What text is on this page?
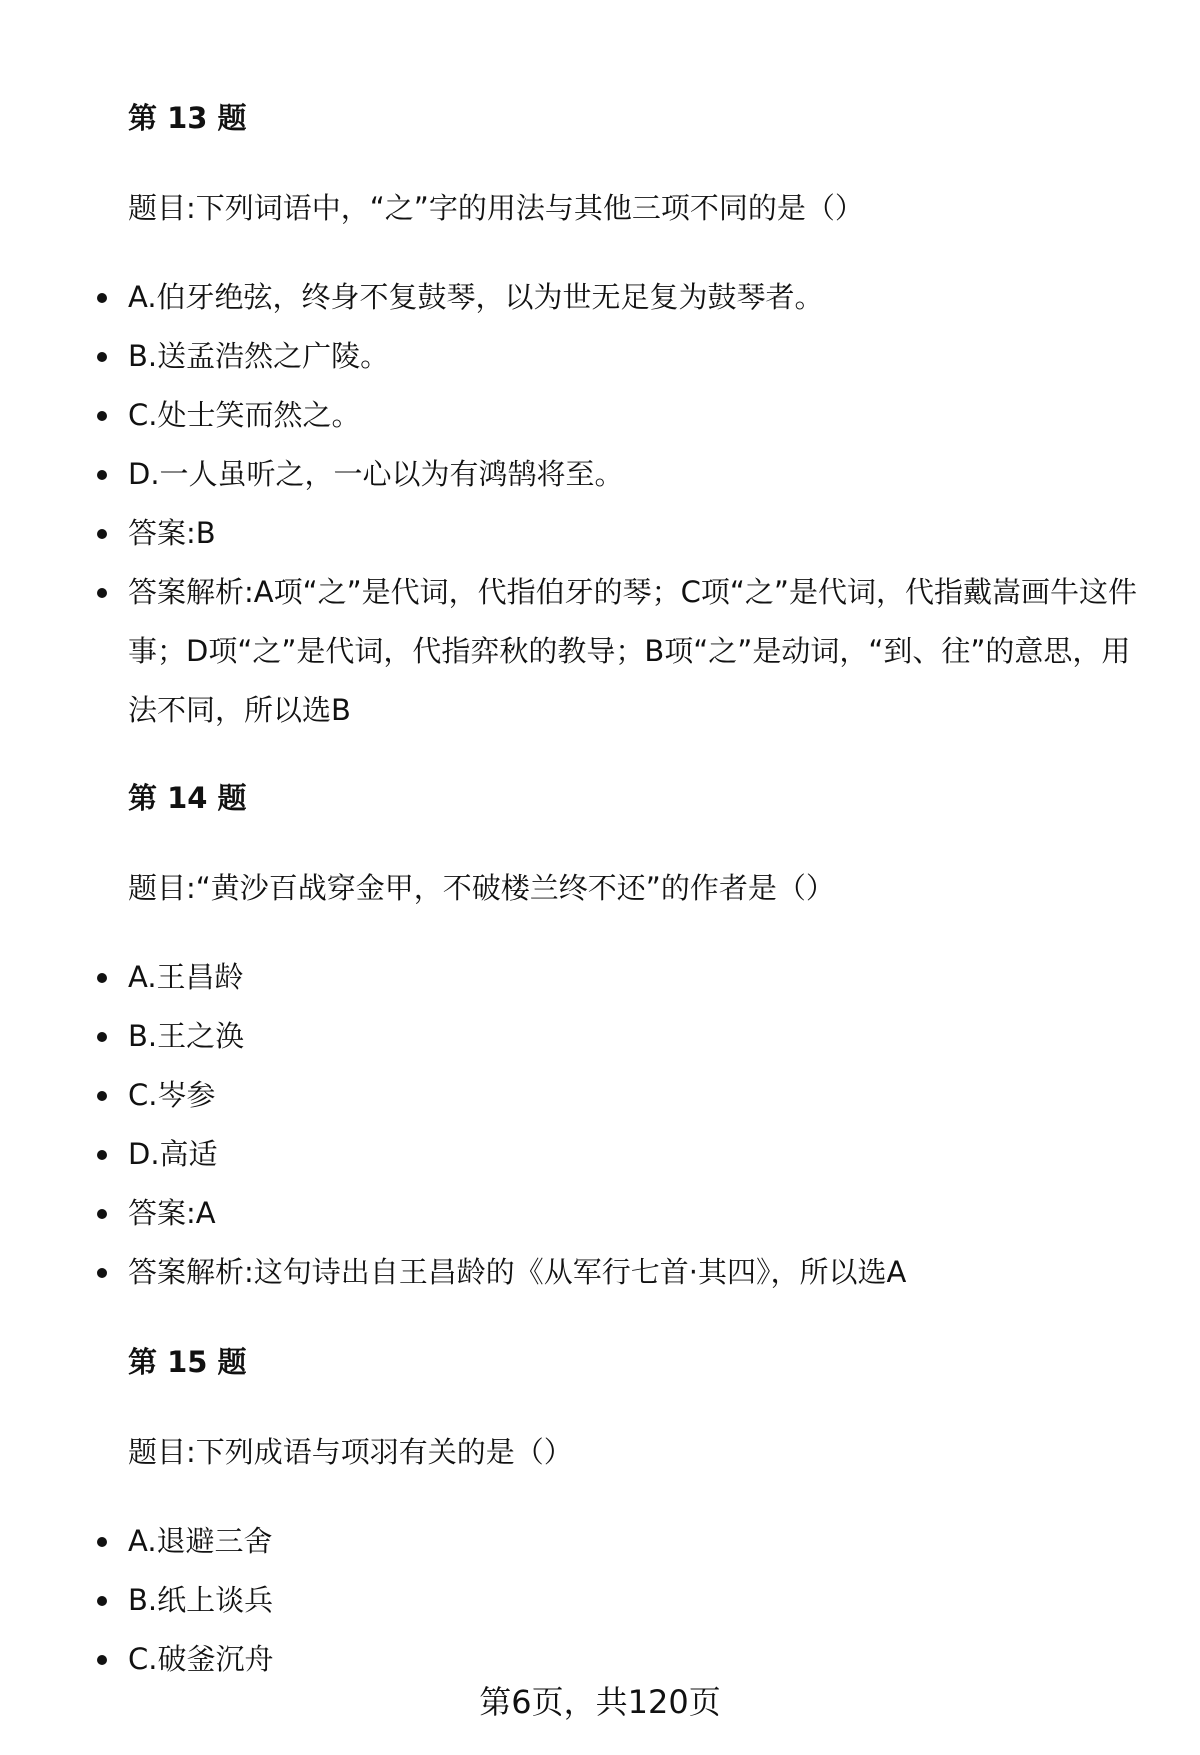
第 13 题

题目:下列词语中，“之”字的用法与其他三项不同的是（）

A.伯牙绝弦，终身不复鼓琴，以为世无足复为鼓琴者。
B.送孟浩然之广陵。
C.处士笑而然之。
D.一人虽听之，一心以为有鸿鹄将至。
答案:B
答案解析:A项“之”是代词，代指伯牙的琴；C项“之”是代词，代指戴嵩画牛这件事；D项“之”是代词，代指弈秋的教导；B项“之”是动词，“到、往”的意思，用法不同，所以选B
第 14 题

题目:“黄沙百战穿金甲，不破楼兰终不还”的作者是（）

A.王昌龄
B.王之涣
C.岑参
D.高适
答案:A
答案解析:这句诗出自王昌龄的《从军行七首·其四》，所以选A
第 15 题

题目:下列成语与项羽有关的是（）

A.退避三舍
B.纸上谈兵
C.破釜沉舟
第6页，共120页
